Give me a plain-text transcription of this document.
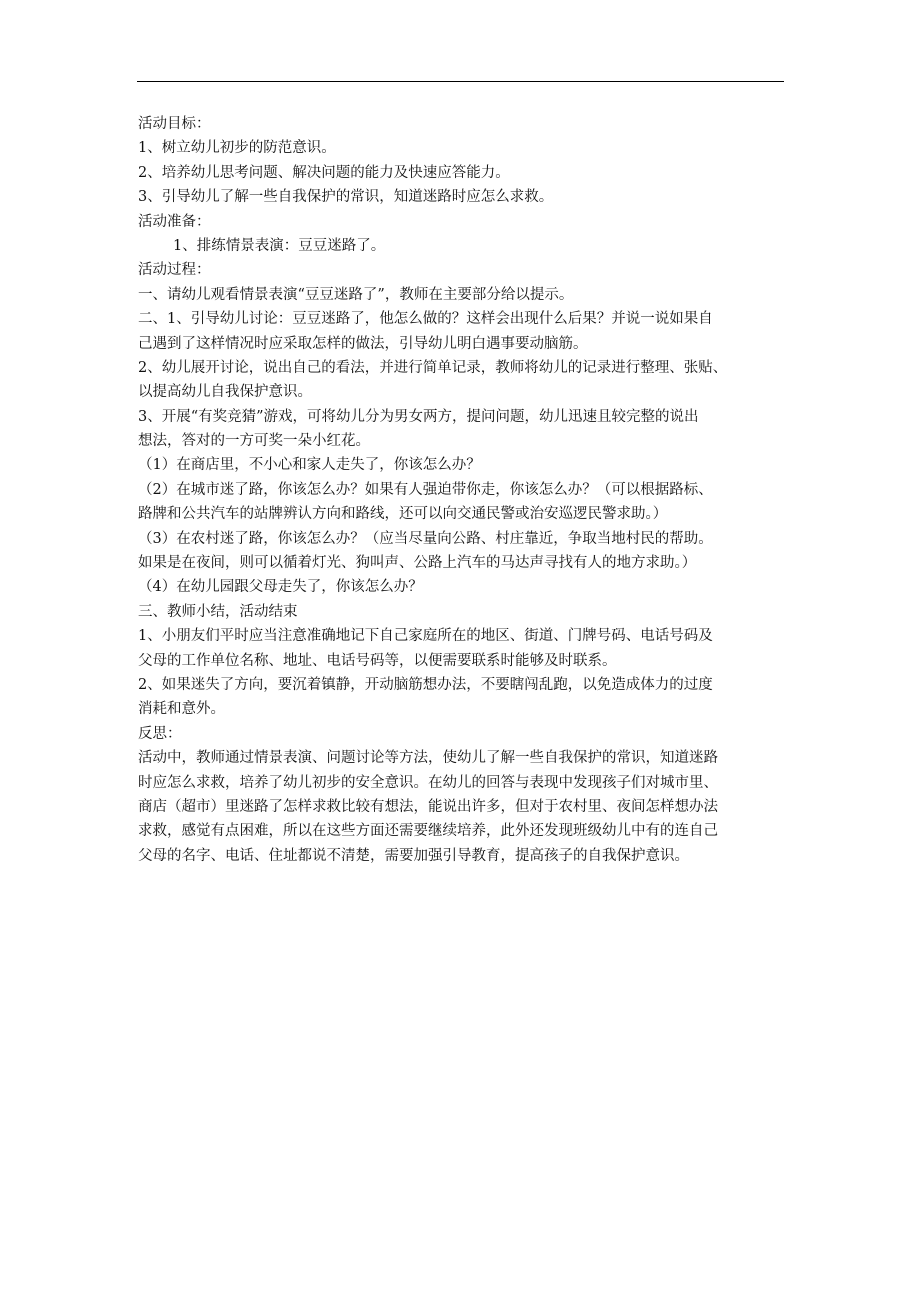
活动目标：
1、树立幼儿初步的防范意识。
2、培养幼儿思考问题、解决问题的能力及快速应答能力。
3、引导幼儿了解一些自我保护的常识，知道迷路时应怎么求救。
活动准备：
1、排练情景表演：豆豆迷路了。
活动过程：
一、请幼儿观看情景表演“豆豆迷路了”，教师在主要部分给以提示。
二、1、引导幼儿讨论：豆豆迷路了，他怎么做的？这样会出现什么后果？并说一说如果自
己遇到了这样情况时应采取怎样的做法，引导幼儿明白遇事要动脑筋。
2、幼儿展开讨论，说出自己的看法，并进行简单记录，教师将幼儿的记录进行整理、张贴、
以提高幼儿自我保护意识。
3、开展“有奖竞猜”游戏，可将幼儿分为男女两方，提问问题，幼儿迅速且较完整的说出
想法，答对的一方可奖一朵小红花。
（1）在商店里，不小心和家人走失了，你该怎么办？
（2）在城市迷了路，你该怎么办？如果有人强迫带你走，你该怎么办？（可以根据路标、
路牌和公共汽车的站牌辨认方向和路线，还可以向交通民警或治安巡逻民警求助。）
（3）在农村迷了路，你该怎么办？（应当尽量向公路、村庄靠近，争取当地村民的帮助。
如果是在夜间，则可以循着灯光、狗叫声、公路上汽车的马达声寻找有人的地方求助。）
（4）在幼儿园跟父母走失了，你该怎么办？
三、教师小结，活动结束
1、小朋友们平时应当注意准确地记下自己家庭所在的地区、街道、门牌号码、电话号码及
父母的工作单位名称、地址、电话号码等，以便需要联系时能够及时联系。
2、如果迷失了方向，要沉着镇静，开动脑筋想办法，不要瞎闯乱跑，以免造成体力的过度
消耗和意外。
反思：
活动中，教师通过情景表演、问题讨论等方法，使幼儿了解一些自我保护的常识，知道迷路
时应怎么求救，培养了幼儿初步的安全意识。在幼儿的回答与表现中发现孩子们对城市里、
商店（超市）里迷路了怎样求救比较有想法，能说出许多，但对于农村里、夜间怎样想办法
求救，感觉有点困难，所以在这些方面还需要继续培养，此外还发现班级幼儿中有的连自己
父母的名字、电话、住址都说不清楚，需要加强引导教育，提高孩子的自我保护意识。
